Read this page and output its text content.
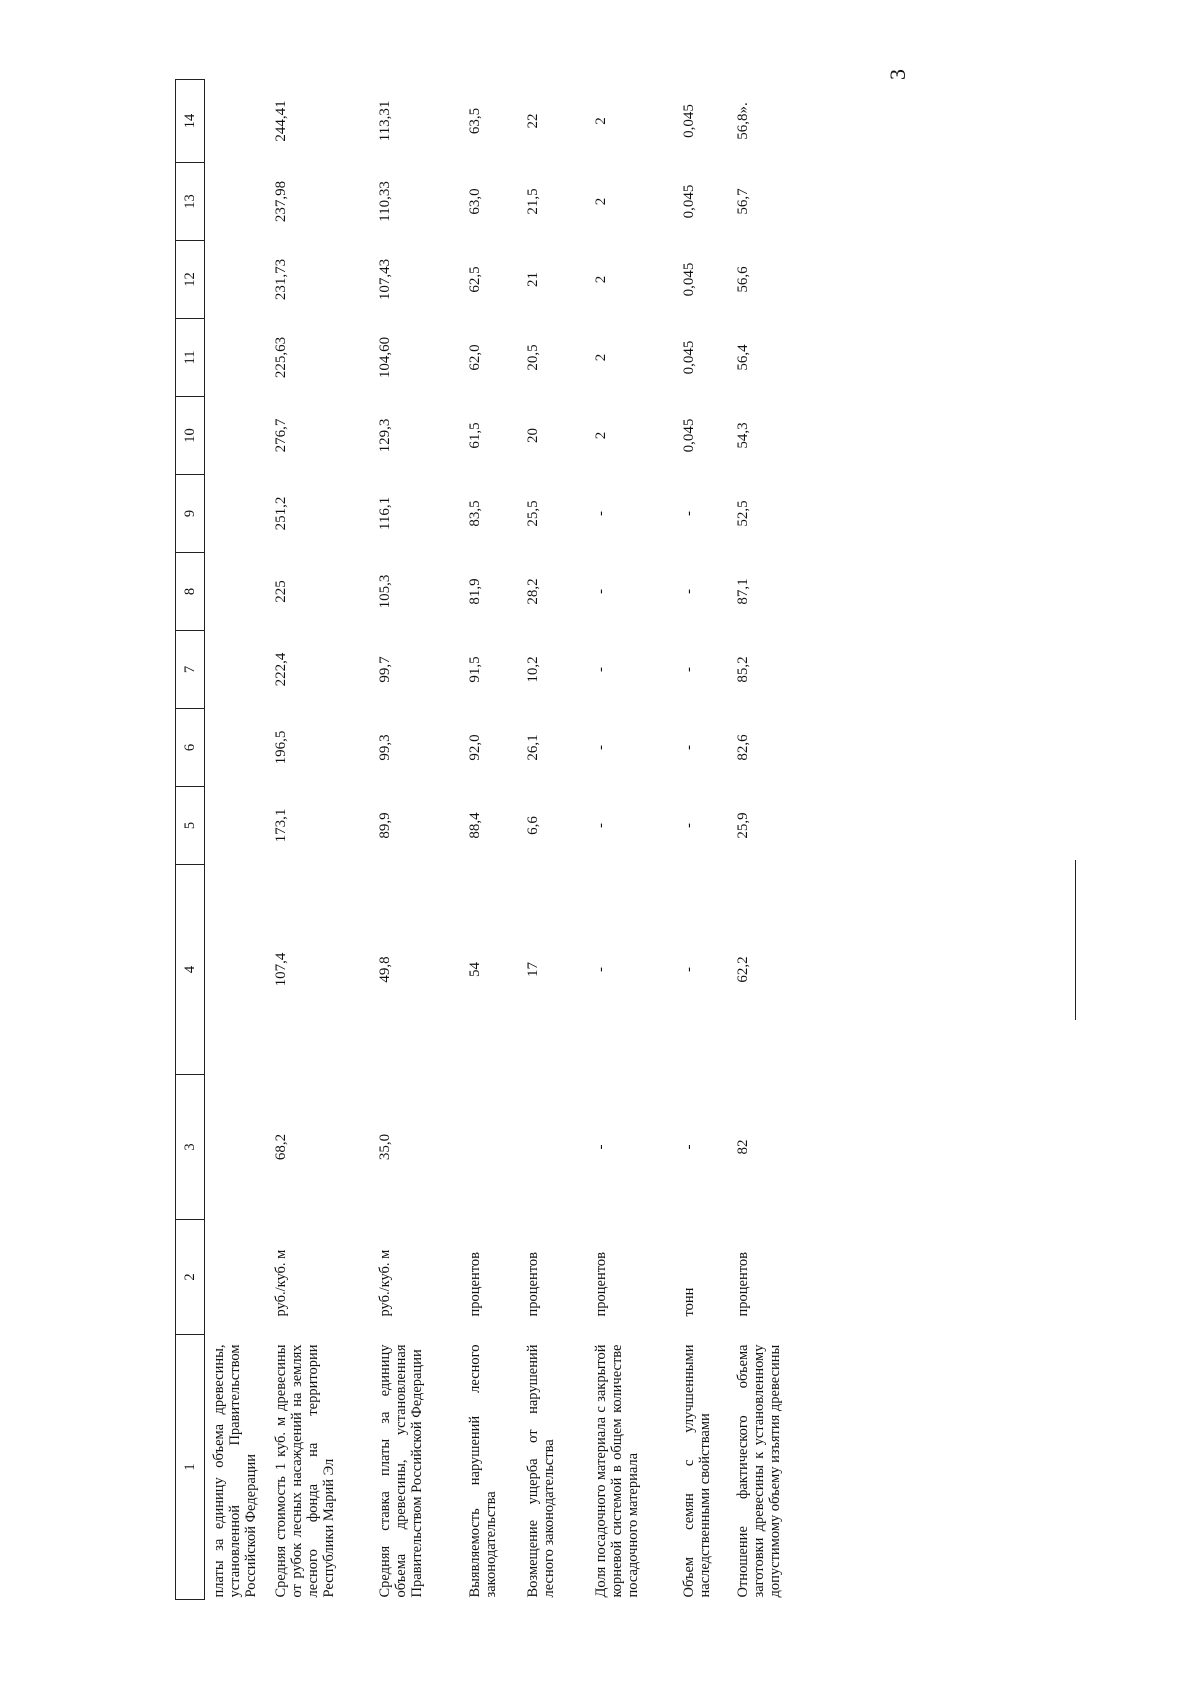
3
1	2	3	4	5	6	7	8	9	10	11	12	13	14
платы за единицу объема древесины, установленной Правительством Российской Федерации													
Средняя стоимость 1 куб. м древесины от рубок лесных насаждений на землях лесного фонда на территории Республики Марий Эл	руб./куб. м	68,2	107,4	173,1	196,5	222,4	225	251,2	276,7	225,63	231,73	237,98	244,41
Средняя ставка платы за единицу объема древесины, установленная Правительством Российской Федерации	руб./куб. м	35,0	49,8	89,9	99,3	99,7	105,3	116,1	129,3	104,60	107,43	110,33	113,31
Выявляемость нарушений лесного законодательства	процентов		54	88,4	92,0	91,5	81,9	83,5	61,5	62,0	62,5	63,0	63,5
Возмещение ущерба от нарушений лесного законодательства	процентов		17	6,6	26,1	10,2	28,2	25,5	20	20,5	21	21,5	22
Доля посадочного материала с закрытой корневой системой в общем количестве посадочного материала	процентов	-	-	-	-	-	-	-	2	2	2	2	2
Объем семян с улучшенными наследственными свойствами	тонн	-	-	-	-	-	-	-	0,045	0,045	0,045	0,045	0,045
Отношение фактического объема заготовки древесины к установленному допустимому объему изъятия древесины	процентов	82	62,2	25,9	82,6	85,2	87,1	52,5	54,3	56,4	56,6	56,7	56,8».
